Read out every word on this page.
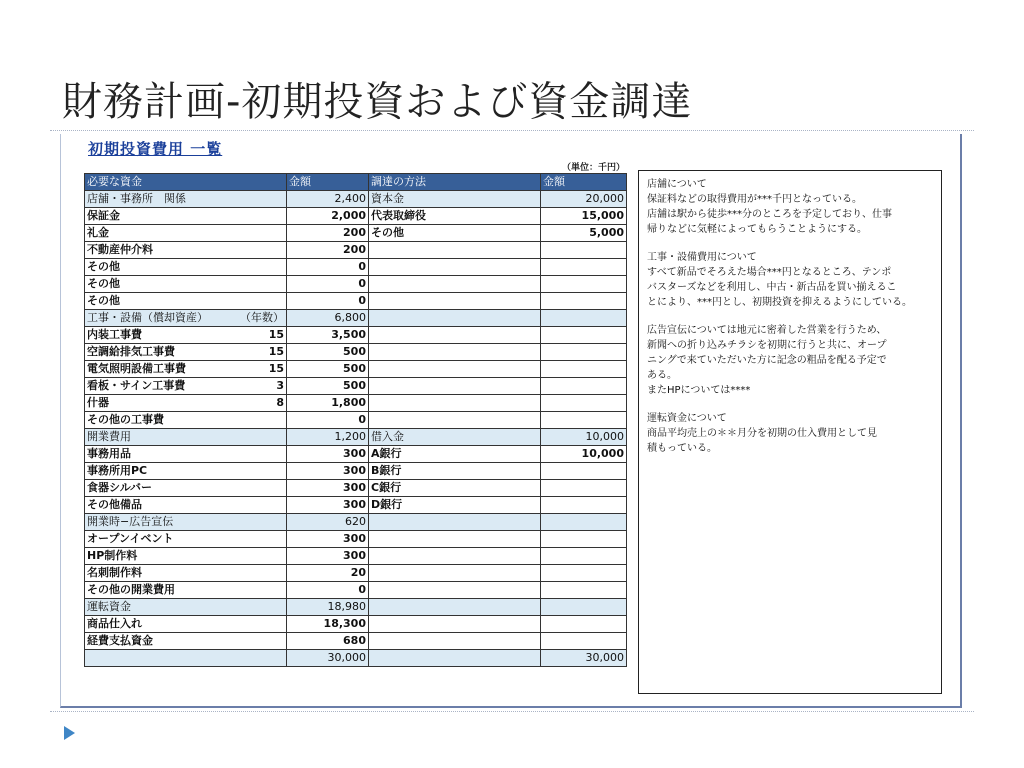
財務計画-初期投資および資金調達
初期投資費用 一覧
（単位：千円）
必要な資金	金額	調達の方法	金額
店舗・事務所　関係	2,400	資本金	20,000
保証金	2,000	代表取締役	15,000
礼金	200	その他	5,000
不動産仲介料	200		
その他	0		
その他	0		
その他	0		
工事・設備（償却資産） （年数）	6,800		
内装工事費 15	3,500		
空調給排気工事費 15	500		
電気照明設備工事費 15	500		
看板・サイン工事費 3	500		
什器 8	1,800		
その他の工事費	0		
開業費用	1,200	借入金	10,000
事務用品	300	A銀行	10,000
事務所用PC	300	B銀行	
食器シルバー	300	C銀行	
その他備品	300	D銀行	
開業時−広告宣伝	620		
オープンイベント	300		
HP制作料	300		
名刺制作料	20		
その他の開業費用	0		
運転資金	18,980		
商品仕入れ	18,300		
経費支払資金	680		

	30,000		30,000

店舗について

保証料などの取得費用が***千円となっている。

店舗は駅から徒歩***分のところを予定しており、仕事

帰りなどに気軽によってもらうことようにする。

工事・設備費用について

すべて新品でそろえた場合***円となるところ、テンポ

バスターズなどを利用し、中古・新古品を買い揃えるこ

とにより、***円とし、初期投資を抑えるようにしている。

広告宣伝については地元に密着した営業を行うため、

新聞への折り込みチラシを初期に行うと共に、オープ

ニングで来ていただいた方に記念の粗品を配る予定で

ある。

またHPについては****

運転資金について

商品平均売上の＊＊月分を初期の仕入費用として見

積もっている。
